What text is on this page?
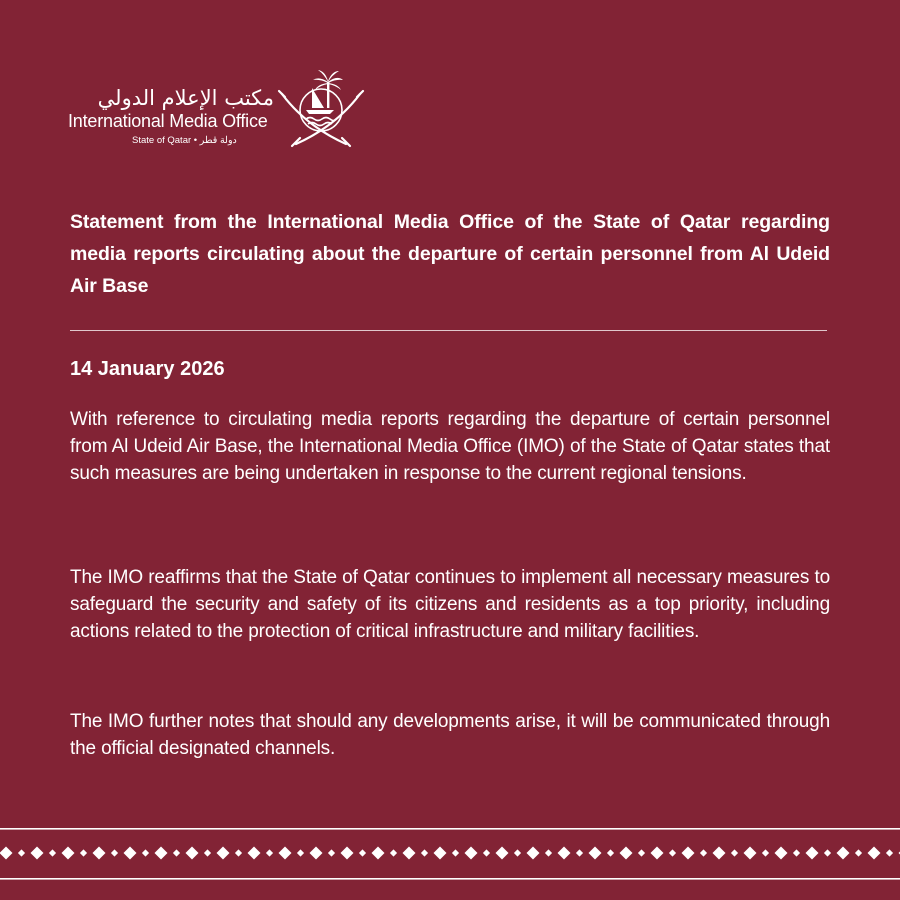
مكتب الإعلام الدولي
International Media Office
State of Qatar • دولة قطر
Statement from the International Media Office of the State of Qatar regarding media reports circulating about the departure of certain personnel from Al Udeid Air Base
14 January 2026
With reference to circulating media reports regarding the departure of certain personnel from Al Udeid Air Base, the International Media Office (IMO) of the State of Qatar states that such measures are being undertaken in response to the current regional tensions.
The IMO reaffirms that the State of Qatar continues to implement all necessary measures to safeguard the security and safety of its citizens and residents as a top priority, including actions related to the protection of critical infrastructure and military facilities.
The IMO further notes that should any developments arise, it will be communicated through the official designated channels.
